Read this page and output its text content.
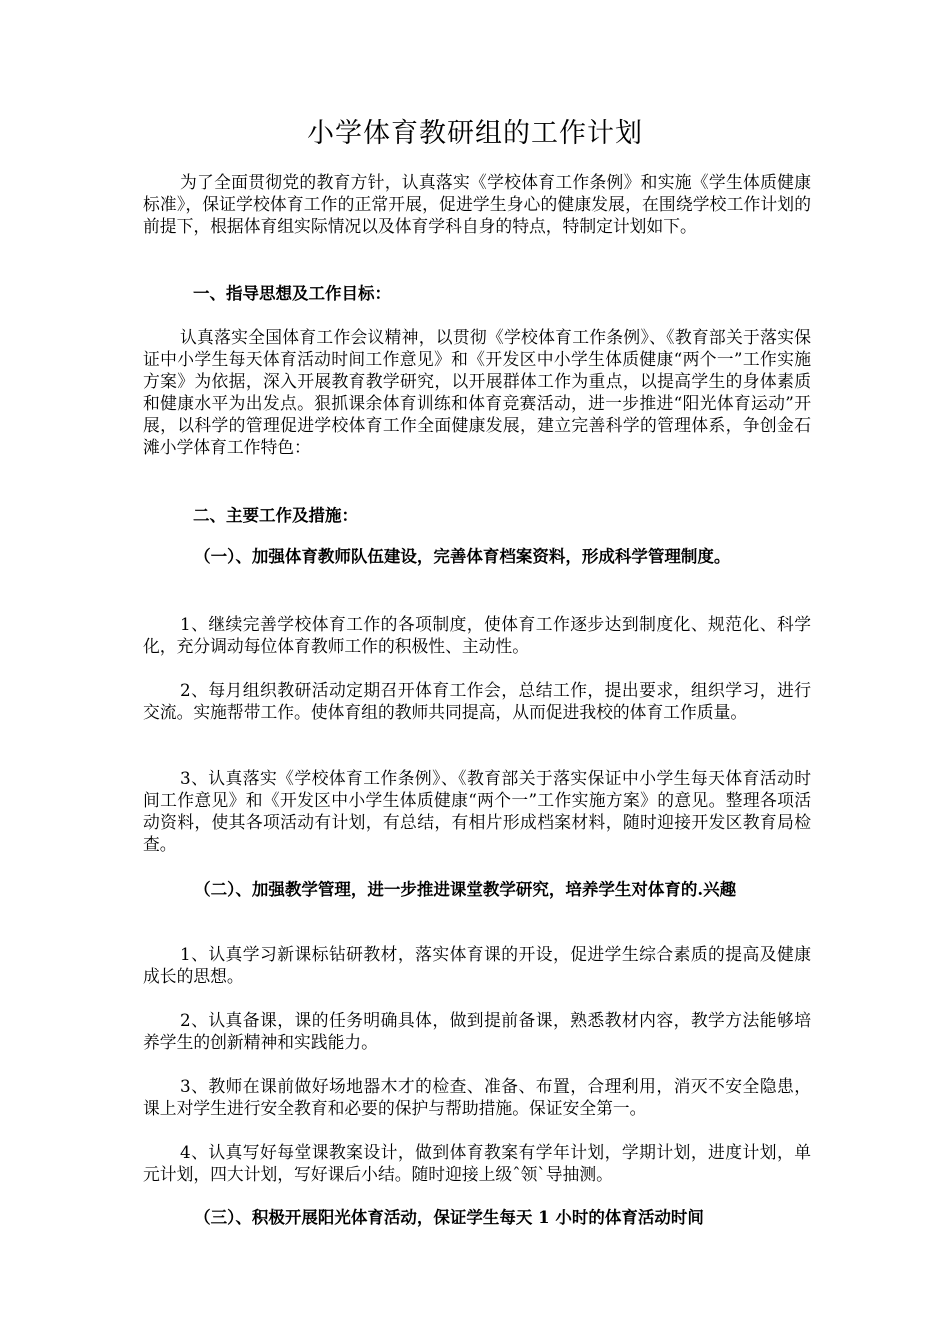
小学体育教研组的工作计划

为了全面贯彻党的教育方针，认真落实《学校体育工作条例》和实施《学生体质健康标准》，保证学校体育工作的正常开展，促进学生身心的健康发展，在围绕学校工作计划的前提下，根据体育组实际情况以及体育学科自身的特点，特制定计划如下。

一、指导思想及工作目标：

认真落实全国体育工作会议精神，以贯彻《学校体育工作条例》、《教育部关于落实保证中小学生每天体育活动时间工作意见》和《开发区中小学生体质健康“两个一”工作实施方案》为依据，深入开展教育教学研究，以开展群体工作为重点，以提高学生的身体素质和健康水平为出发点。狠抓课余体育训练和体育竞赛活动，进一步推进“阳光体育运动”开展，以科学的管理促进学校体育工作全面健康发展，建立完善科学的管理体系，争创金石滩小学体育工作特色：

二、主要工作及措施：

（一）、加强体育教师队伍建设，完善体育档案资料，形成科学管理制度。

1、继续完善学校体育工作的各项制度，使体育工作逐步达到制度化、规范化、科学化，充分调动每位体育教师工作的积极性、主动性。

2、每月组织教研活动定期召开体育工作会，总结工作，提出要求，组织学习，进行交流。实施帮带工作。使体育组的教师共同提高，从而促进我校的体育工作质量。

3、认真落实《学校体育工作条例》、《教育部关于落实保证中小学生每天体育活动时间工作意见》和《开发区中小学生体质健康“两个一”工作实施方案》的意见。整理各项活动资料，使其各项活动有计划，有总结，有相片形成档案材料，随时迎接开发区教育局检查。

（二）、加强教学管理，进一步推进课堂教学研究，培养学生对体育的.兴趣

1、认真学习新课标钻研教材，落实体育课的开设，促进学生综合素质的提高及健康成长的思想。

2、认真备课，课的任务明确具体，做到提前备课，熟悉教材内容，教学方法能够培养学生的创新精神和实践能力。

3、教师在课前做好场地器木才的检查、准备、布置，合理利用，消灭不安全隐患，课上对学生进行安全教育和必要的保护与帮助措施。保证安全第一。

4、认真写好每堂课教案设计，做到体育教案有学年计划，学期计划，进度计划，单元计划，四大计划，写好课后小结。随时迎接上级ˆ领ˋ导抽测。

（三）、积极开展阳光体育活动，保证学生每天 1 小时的体育活动时间
